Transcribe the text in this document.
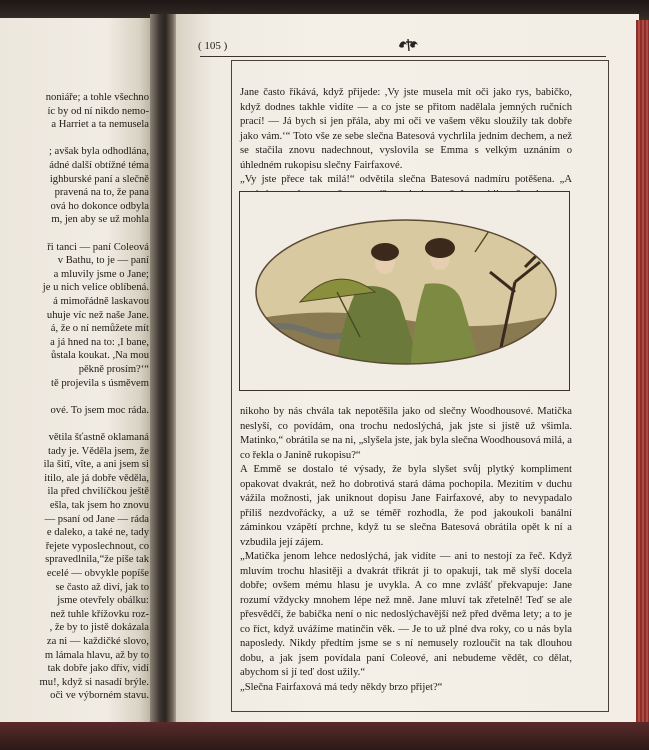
noniáře; a tohle všechno
íc by od ní nikdo nemo-
a Harriet a ta nemusela
; avšak byla odhodlána,
ádné další obtížné téma
ighburské paní a slečně
pravená na to, že pana
ová ho dokonce odbyla
m, jen aby se už mohla
ři tanci — paní Coleová
v Bathu, to je — paní
a mluvily jsme o Jane;
je u nich velice oblíbená.
á mimořádně laskavou
uhuje víc než naše Jane.
á, že o ní nemůžete mít
a já hned na to: ,I bane,
ůstala koukat. ,Na mou
pěkně prosím?‘“
tě projevila s úsměvem
ové. To jsem moc ráda.
větila šťastně oklamaná
tady je. Věděla jsem, že
ila šitî, vîte, a ani jsem si
itilo, ale já dobře věděla,
ila před chvilíčkou ještě
ešla, tak jsem ho znovu
— psaní od Jane — ráda
e daleko, a také ne, tady
řejete vyposlechnout, co
spravedlnila,“že píše tak
ecelé — obvykle popíše
se často až diví, jak to
jsme otevřely obálku:
než tuhle křížovku roz-
, že by to jistě dokázala
za ni — každičké slovo,
m lámala hlavu, až by to
tak dobře jako dřív, vidí
mu!, když si nasadí brýle.
oči ve výborném stavu.
( 105 )
Jane často říkává, když přijede: ,Vy jste musela mít oči jako rys, babičko, když dodnes takhle vidíte — a co jste se přitom nadělala jemných ručních prací! — Já bych si jen přála, aby mi oči ve vašem věku sloužily tak dobře jako vám.‘“ Toto vše ze sebe slečna Batesová vychrlila jedním dechem, a než se stačila znovu nadechnout, vyslovila se Emma s velkým uznáním o úhledném rukopisu slečny Fairfaxové.
„Vy jste přece tak milá!“ odvětila slečna Batesová nadmíru potěšena. „A
nikoho by nás chvála tak nepotěšila jako od slečny Woodhousové. Matička neslyší, co povídám, ona trochu nedoslýchá, jak jste si jistě už všimla. Matinko,“ obrátila se na ni, „slyšela jste, jak byla slečna Woodhousová milá, a co řekla o Janině rukopisu?“
A Emmě se dostalo té výsady, že byla slyšet svůj plytký kompliment opakovat dvakrát, než ho dobrotivá stará dáma pochopila. Mezitím v duchu vážila možnosti, jak uniknout dopisu Jane Fairfaxové, aby to nevypadalo příliš nezdvořácky, a už se téměř rozhodla, že pod jakoukoli banální záminkou vzápětí prchne, když tu se slečna Batesová obrátila opět k ní a vzbudila její zájem.
„Matička jenom lehce nedoslýchá, jak vidíte — ani to nestojí za řeč. Když mluvím trochu hlasitěji a dvakrát třikrát ji to opakuji, tak mě slyší docela dobře; ovšem mému hlasu je uvykla. A co mne zvlášť překvapuje: Jane rozumí vždycky mnohem lépe než mně. Jane mluví tak zřetelně! Teď se ale přesvědčí, že babička není o nic nedoslýchavější než před dvěma lety; a to je co říct, když uvážíme matinčin věk. — Je to už plné dva roky, co u nás byla naposledy. Nikdy předtím jsme se s ní nemusely rozloučit na tak dlouhou dobu, a jak jsem povídala paní Coleové, ani nebudeme vědět, co dělat, abychom si jí teď dost užily.“
„Slečna Fairfaxová má tedy někdy brzo přijet?“
